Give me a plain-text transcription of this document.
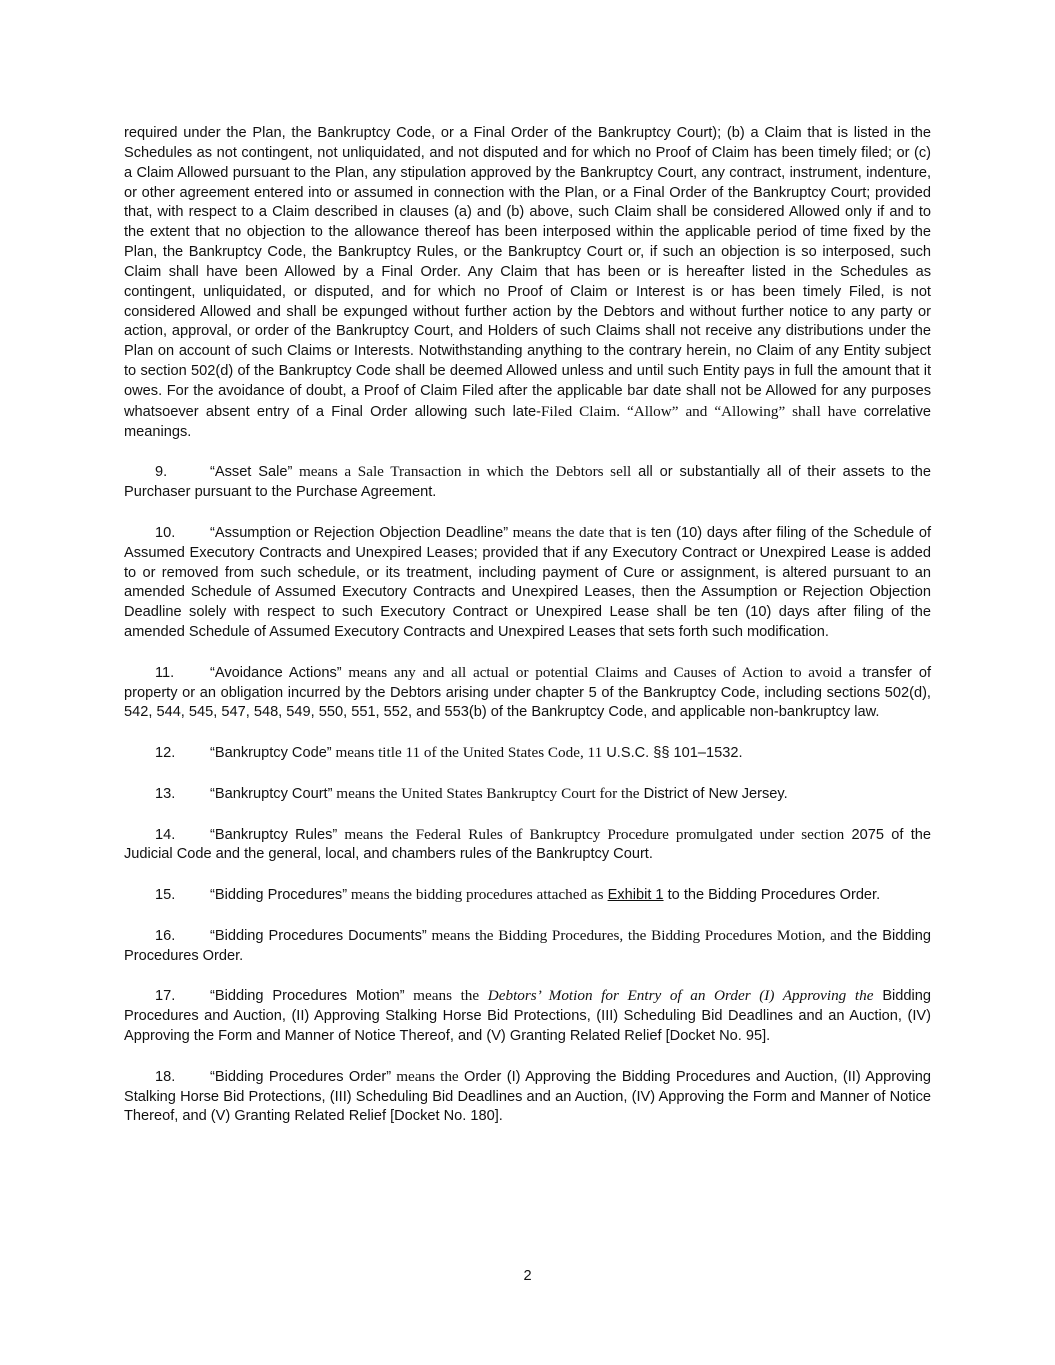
required under the Plan, the Bankruptcy Code, or a Final Order of the Bankruptcy Court); (b) a Claim that is listed in the Schedules as not contingent, not unliquidated, and not disputed and for which no Proof of Claim has been timely filed; or (c) a Claim Allowed pursuant to the Plan, any stipulation approved by the Bankruptcy Court, any contract, instrument, indenture, or other agreement entered into or assumed in connection with the Plan, or a Final Order of the Bankruptcy Court; provided that, with respect to a Claim described in clauses (a) and (b) above, such Claim shall be considered Allowed only if and to the extent that no objection to the allowance thereof has been interposed within the applicable period of time fixed by the Plan, the Bankruptcy Code, the Bankruptcy Rules, or the Bankruptcy Court or, if such an objection is so interposed, such Claim shall have been Allowed by a Final Order. Any Claim that has been or is hereafter listed in the Schedules as contingent, unliquidated, or disputed, and for which no Proof of Claim or Interest is or has been timely Filed, is not considered Allowed and shall be expunged without further action by the Debtors and without further notice to any party or action, approval, or order of the Bankruptcy Court, and Holders of such Claims shall not receive any distributions under the Plan on account of such Claims or Interests. Notwithstanding anything to the contrary herein, no Claim of any Entity subject to section 502(d) of the Bankruptcy Code shall be deemed Allowed unless and until such Entity pays in full the amount that it owes. For the avoidance of doubt, a Proof of Claim Filed after the applicable bar date shall not be Allowed for any purposes whatsoever absent entry of a Final Order allowing such late-Filed Claim. “Allow” and “Allowing” shall have correlative meanings.

9.	“Asset Sale” means a Sale Transaction in which the Debtors sell all or substantially all of their assets to the Purchaser pursuant to the Purchase Agreement.

10. “Assumption or Rejection Objection Deadline” means the date that is ten (10) days after filing of the Schedule of Assumed Executory Contracts and Unexpired Leases; provided that if any Executory Contract or Unexpired Lease is added to or removed from such schedule, or its treatment, including payment of Cure or assignment, is altered pursuant to an amended Schedule of Assumed Executory Contracts and Unexpired Leases, then the Assumption or Rejection Objection Deadline solely with respect to such Executory Contract or Unexpired Lease shall be ten (10) days after filing of the amended Schedule of Assumed Executory Contracts and Unexpired Leases that sets forth such modification.

11. “Avoidance Actions” means any and all actual or potential Claims and Causes of Action to avoid a transfer of property or an obligation incurred by the Debtors arising under chapter 5 of the Bankruptcy Code, including sections 502(d), 542, 544, 545, 547, 548, 549, 550, 551, 552, and 553(b) of the Bankruptcy Code, and applicable non-bankruptcy law.

12. “Bankruptcy Code” means title 11 of the United States Code, 11 U.S.C. §§ 101–1532.

13. “Bankruptcy Court” means the United States Bankruptcy Court for the District of New Jersey.

14. “Bankruptcy Rules” means the Federal Rules of Bankruptcy Procedure promulgated under section 2075 of the Judicial Code and the general, local, and chambers rules of the Bankruptcy Court.

15. “Bidding Procedures” means the bidding procedures attached as Exhibit 1 to the Bidding Procedures Order.

16. “Bidding Procedures Documents” means the Bidding Procedures, the Bidding Procedures Motion, and the Bidding Procedures Order.

17. “Bidding Procedures Motion” means the Debtors’ Motion for Entry of an Order (I) Approving the Bidding Procedures and Auction, (II) Approving Stalking Horse Bid Protections, (III) Scheduling Bid Deadlines and an Auction, (IV) Approving the Form and Manner of Notice Thereof, and (V) Granting Related Relief [Docket No. 95].

18. “Bidding Procedures Order” means the Order (I) Approving the Bidding Procedures and Auction, (II) Approving Stalking Horse Bid Protections, (III) Scheduling Bid Deadlines and an Auction, (IV) Approving the Form and Manner of Notice Thereof, and (V) Granting Related Relief [Docket No. 180].

2
